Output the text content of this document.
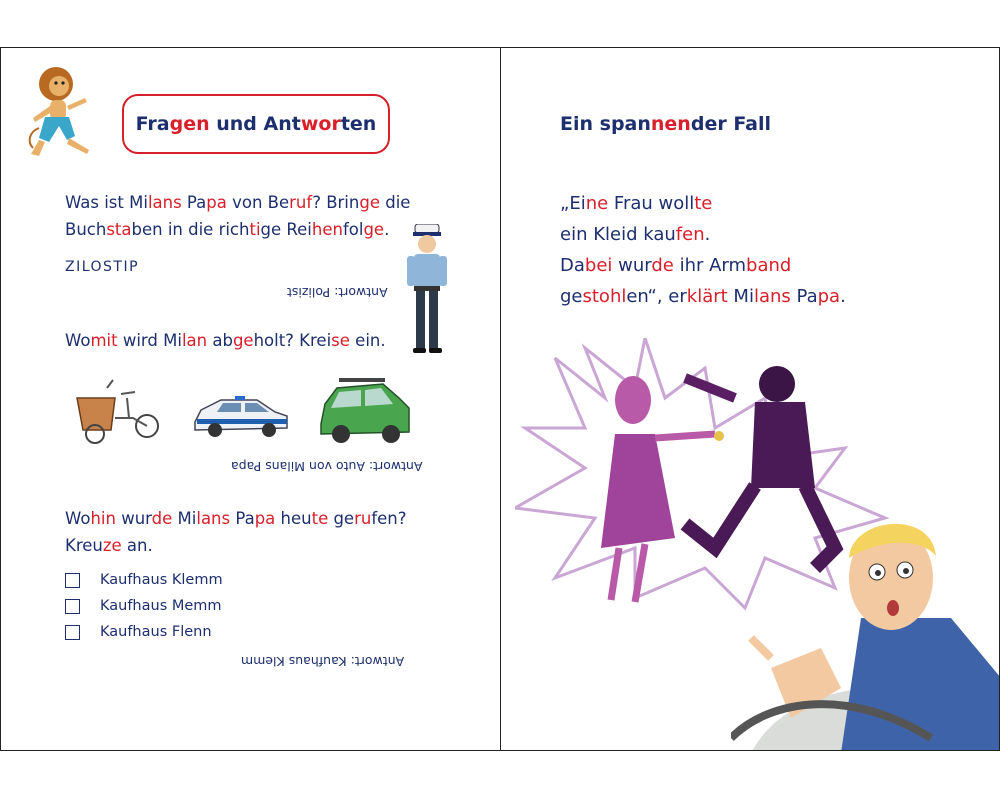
Fragen und Antworten
Was ist Milans Papa von Beruf? Bringe die
Buchstaben in die richtige Reihenfolge.
ZILOSTIP
Antwort: Polizist
Womit wird Milan abgeholt? Kreise ein.
Antwort: Auto von Milans Papa
Wohin wurde Milans Papa heute gerufen?
Kreuze an.
Kaufhaus Klemm
Kaufhaus Memm
Kaufhaus Flenn
Antwort: Kaufhaus Klemm
Ein spannender Fall
„Eine Frau wollte
ein Kleid kaufen.
Dabei wurde ihr Armband
gestohlen“, erklärt Milans Papa.
